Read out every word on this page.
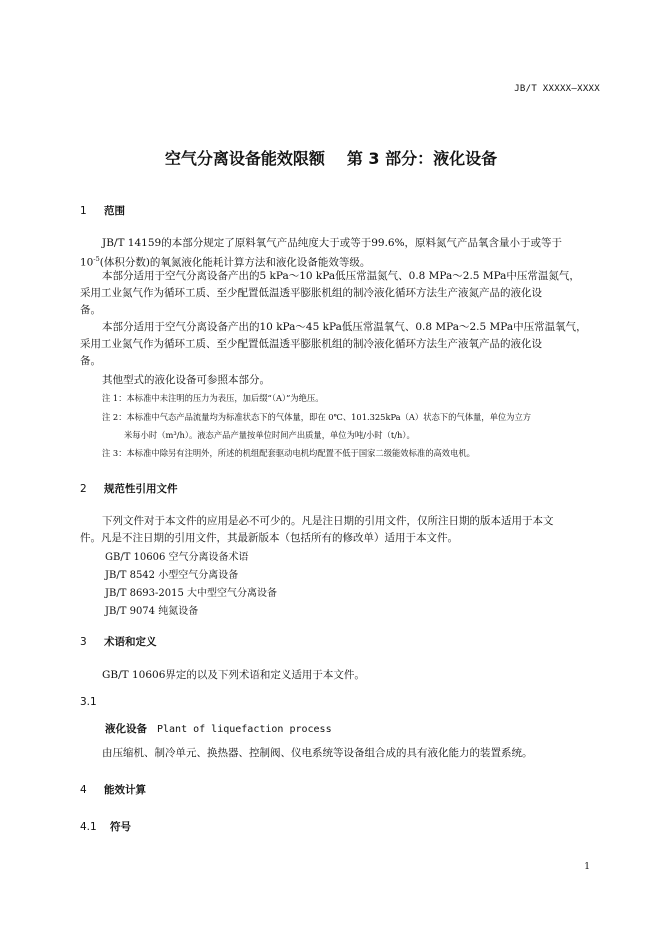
JB/T XXXXX—XXXX
空气分离设备能效限额 第 3 部分：液化设备
1 范围
JB/T 14159的本部分规定了原料氧气产品纯度大于或等于99.6%，原料氮气产品氧含量小于或等于
$10^{-5}$(体积分数)的氧氮液化能耗计算方法和液化设备能效等级。
本部分适用于空气分离设备产出的5 kPa～10 kPa低压常温氮气、0.8 MPa～2.5 MPa中压常温氮气，
采用工业氮气作为循环工质、至少配置低温透平膨胀机组的制冷液化循环方法生产液氮产品的液化设
备。
本部分适用于空气分离设备产出的10 kPa～45 kPa低压常温氧气、0.8 MPa～2.5 MPa中压常温氧气，
采用工业氮气作为循环工质、至少配置低温透平膨胀机组的制冷液化循环方法生产液氧产品的液化设
备。
其他型式的液化设备可参照本部分。
注 1：本标准中未注明的压力为表压，加后缀“（A）”为绝压。
注 2：本标准中气态产品流量均为标准状态下的气体量，即在 0℃、101.325kPa（A）状态下的气体量，单位为立方
米每小时（m³/h）。液态产品产量按单位时间产出质量，单位为吨/小时（t/h）。
注 3：本标准中除另有注明外，所述的机组配套驱动电机均配置不低于国家二级能效标准的高效电机。
2 规范性引用文件
下列文件对于本文件的应用是必不可少的。凡是注日期的引用文件，仅所注日期的版本适用于本文
件。凡是不注日期的引用文件，其最新版本（包括所有的修改单）适用于本文件。
GB/T 10606 空气分离设备术语
JB/T 8542 小型空气分离设备
JB/T 8693-2015 大中型空气分离设备
JB/T 9074 纯氮设备
3 术语和定义
GB/T 10606界定的以及下列术语和定义适用于本文件。
3.1
液化设备 Plant of liquefaction process
由压缩机、制冷单元、换热器、控制阀、仪电系统等设备组合成的具有液化能力的装置系统。
4 能效计算
4.1 符号
1
